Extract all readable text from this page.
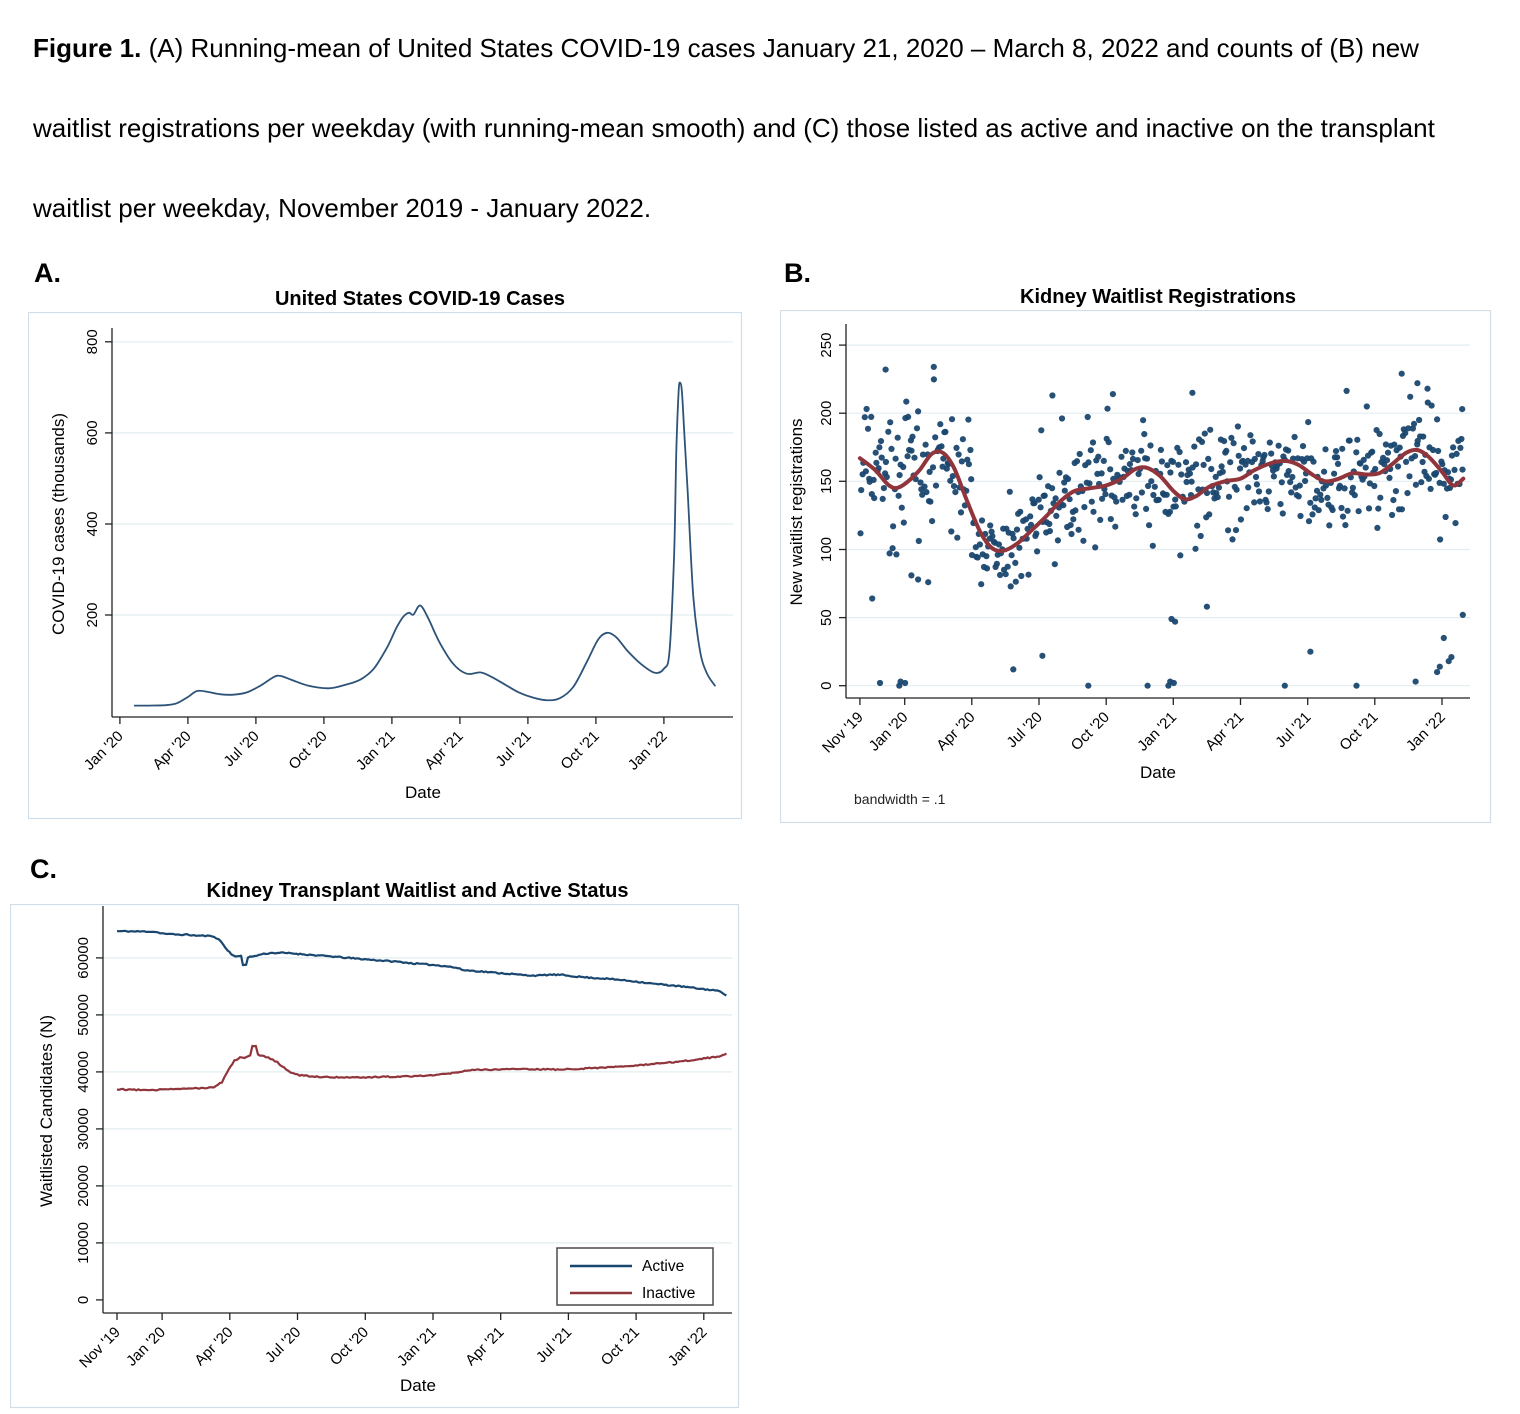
Figure 1. (A) Running-mean of United States COVID-19 cases January 21, 2020 – March 8, 2022 and counts of (B) new waitlist registrations per weekday (with running-mean smooth) and (C) those listed as active and inactive on the transplant waitlist per weekday, November 2019 - January 2022.
A.
United States COVID-19 Cases
200
400
600
800
Jan '20 Apr '20 Jul '20 Oct '20 Jan '21 Apr '21 Jul '21 Oct '21 Jan '22
Date
COVID-19 cases (thousands)
B.
Kidney Waitlist Registrations
0
50
100
150
200
250
Nov '19
Jan '20 Apr '20 Jul '20 Oct '20 Jan '21 Apr '21 Jul '21 Oct '21 Jan '22
Date
New waitlist registrations
bandwidth = .1
C.
Kidney Transplant Waitlist and Active Status
0
10000
20000
30000
40000
50000
60000
Nov '19 Jan '20 Apr '20 Jul '20 Oct '20 Jan '21 Apr '21 Jul '21 Oct '21 Jan '22
Date
Waitlisted Candidates (N)
Active
Inactive
